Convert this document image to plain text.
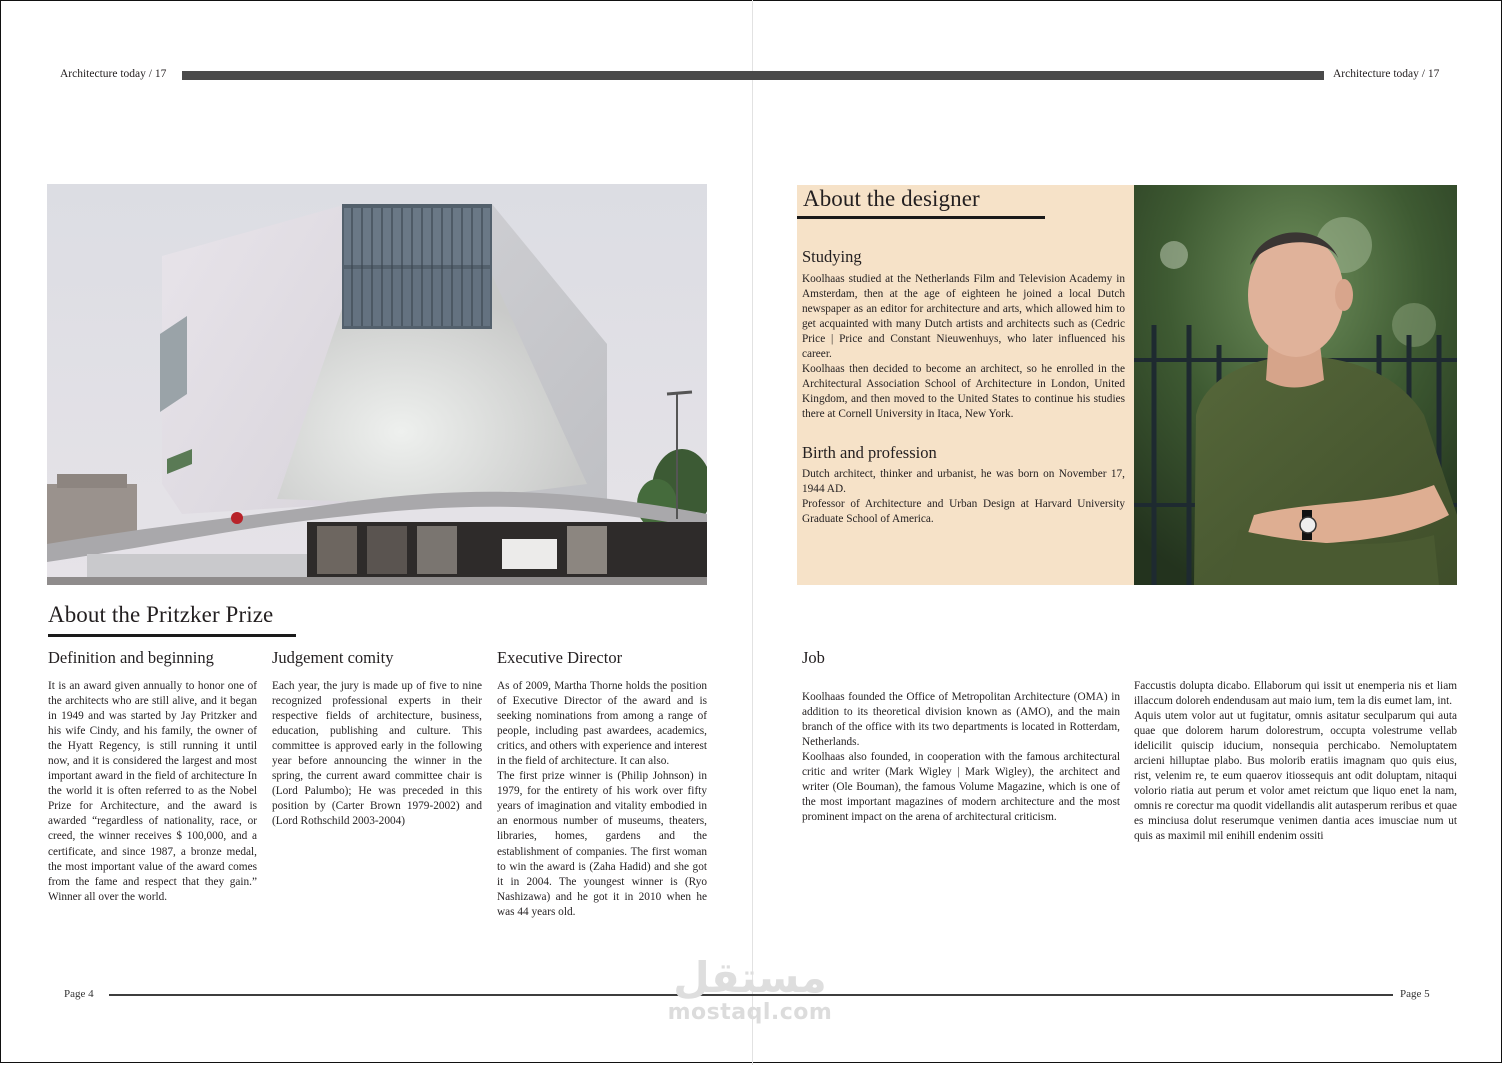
Architecture today / 17	Architecture today / 17
About the Pritzker Prize
Definition and beginning

It is an award given annually to honor one of the architects who are still alive, and it began in 1949 and was started by Jay Pritzker and his wife Cindy, and his family, the owner of the Hyatt Regency, is still running it until now, and it is considered the largest and most important award in the field of architecture In the world it is often referred to as the Nobel Prize for Architecture, and the award is awarded “regardless of nationality, race, or creed, the winner receives $ 100,000, and a certificate, and since 1987, a bronze medal, the most important value of the award comes from the fame and respect that they gain.” Winner all over the world.

Judgement comity

Each year, the jury is made up of five to nine recognized professional experts in their respective fields of architecture, business, education, publishing and culture. This committee is approved early in the following year before announcing the winner in the spring, the current award committee chair is (Lord Palumbo); He was preceded in this position by (Carter Brown 1979-2002) and (Lord Rothschild 2003-2004)

Executive Director

As of 2009, Martha Thorne holds the position of Executive Director of the award and is seeking nominations from among a range of people, including past awardees, academics, critics, and others with experience and interest in the field of architecture. It can also.

The first prize winner is (Philip Johnson) in 1979, for the entirety of his work over fifty years of imagination and vitality embodied in an enormous number of museums, theaters, libraries, homes, gardens and the establishment of companies. The first woman to win the award is (Zaha Hadid) and she got it in 2004. The youngest winner is (Ryo Nashizawa) and he got it in 2010 when he was 44 years old.

About the designer
Studying

Koolhaas studied at the Netherlands Film and Television Academy in Amsterdam, then at the age of eighteen he joined a local Dutch newspaper as an editor for architecture and arts, which allowed him to get acquainted with many Dutch artists and architects such as (Cedric Price | Price and Constant Nieuwenhuys, who later influenced his career.

Koolhaas then decided to become an architect, so he enrolled in the Architectural Association School of Architecture in London, United Kingdom, and then moved to the United States to continue his studies there at Cornell University in Itaca, New York.

Birth and profession

Dutch architect, thinker and urbanist, he was born on November 17, 1944 AD.

Professor of Architecture and Urban Design at Harvard University Graduate School of America.

Job

Koolhaas founded the Office of Metropolitan Architecture (OMA) in addition to its theoretical division known as (AMO), and the main branch of the office with its two departments is located in Rotterdam, Netherlands.

Koolhaas also founded, in cooperation with the famous architectural critic and writer (Mark Wigley | Mark Wigley), the architect and writer (Ole Bouman), the famous Volume Magazine, which is one of the most important magazines of modern architecture and the most prominent impact on the arena of architectural criticism.

Faccustis dolupta dicabo. Ellaborum qui issit ut enemperia nis et liam illaccum doloreh endendusam aut maio ium, tem la dis eumet lam, int.

Aquis utem volor aut ut fugitatur, omnis asitatur seculparum qui auta quae que dolorem harum dolorestrum, occupta volestrume vellab idelicilit quiscip iducium, nonsequia perchicabo. Nemoluptatem arcieni hilluptae plabo. Bus molorib eratiis imagnam quo quis eius, rist, velenim re, te eum quaerov itiossequis ant odit doluptam, nitaqui volorio riatia aut perum et volor amet reictum que liquo enet la nam, omnis re corectur ma quodit videllandis alit autasperum reribus et quae es minciusa dolut reserumque venimen dantia aces imusciae num ut quis as maximil mil enihill endenim ossiti

Page 4	Page 5
مستقل
mostaql.com
